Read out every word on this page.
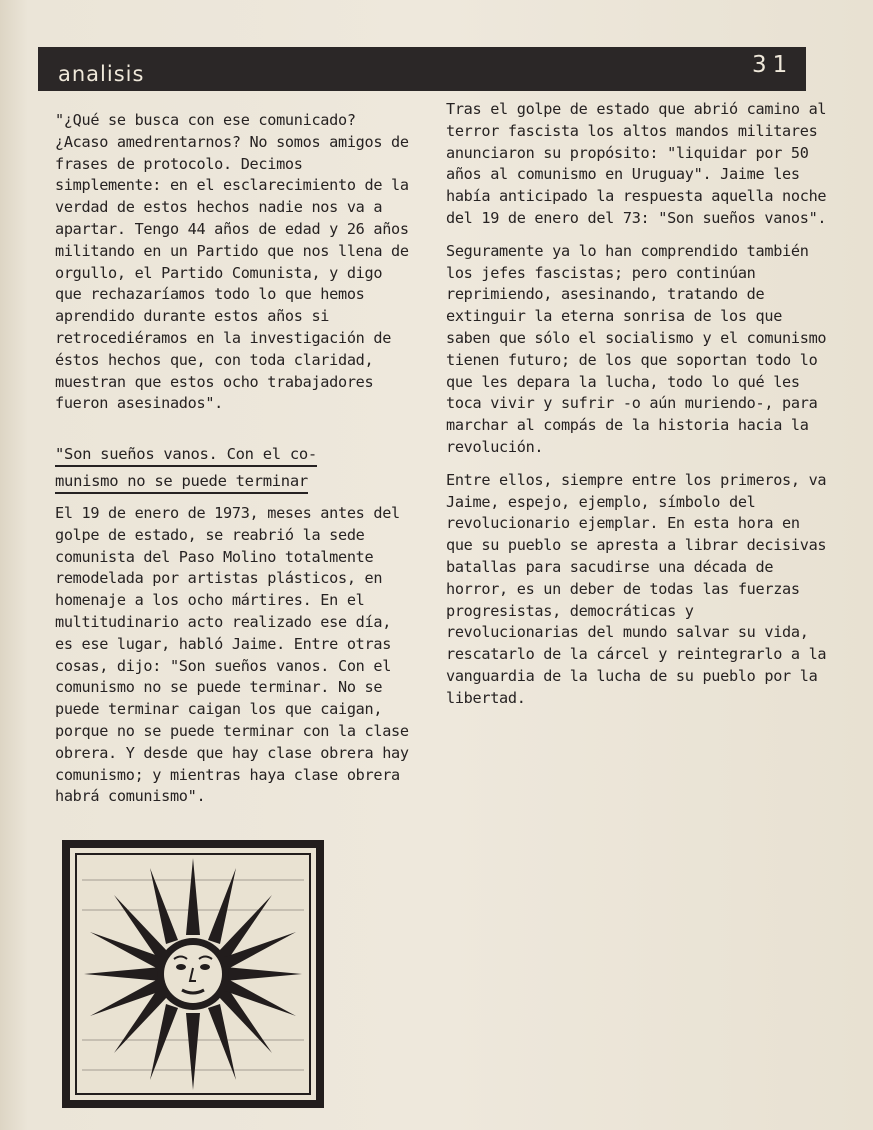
analisis	31

"¿Qué se busca con ese comunicado? ¿Acaso amedrentarnos? No somos amigos de frases de protocolo. Decimos simplemente: en el esclarecimiento de la verdad de estos hechos nadie nos va a apartar. Tengo 44 años de edad y 26 años militando en un Partido que nos llena de orgullo, el Partido Comunista, y digo que rechazaríamos todo lo que hemos aprendido durante estos años si retrocediéramos en la investigación de éstos hechos que, con toda claridad, muestran que estos ocho trabajadores fueron asesinados".

"Son sueños vanos. Con el co-
munismo no se puede terminar

El 19 de enero de 1973, meses antes del golpe de estado, se reabrió la sede comunista del Paso Molino totalmente remodelada por artistas plásticos, en homenaje a los ocho mártires. En el multitudinario acto realizado ese día, es ese lugar, habló Jaime. Entre otras cosas, dijo: "Son sueños vanos. Con el comunismo no se puede terminar. No se puede terminar caigan los que caigan, porque no se puede terminar con la clase obrera. Y desde que hay clase obrera hay comunismo; y mientras haya clase obrera habrá comunismo".

Tras el golpe de estado que abrió camino al terror fascista los altos mandos militares anunciaron su propósito: "liquidar por 50 años al comunismo en Uruguay". Jaime les había anticipado la respuesta aquella noche del 19 de enero del 73: "Son sueños vanos".

Seguramente ya lo han comprendido también los jefes fascistas; pero continúan reprimiendo, asesinando, tratando de extinguir la eterna sonrisa de los que saben que sólo el socialismo y el comunismo tienen futuro; de los que soportan todo lo que les depara la lucha, todo lo qué les toca vivir y sufrir -o aún muriendo-, para marchar al compás de la historia hacia la revolución.

Entre ellos, siempre entre los primeros, va Jaime, espejo, ejemplo, símbolo del revolucionario ejemplar. En esta hora en que su pueblo se apresta a librar decisivas batallas para sacudirse una década de horror, es un deber de todas las fuerzas progresistas, democráticas y revolucionarias del mundo salvar su vida, rescatarlo de la cárcel y reintegrarlo a la vanguardia de la lucha de su pueblo por la libertad.
